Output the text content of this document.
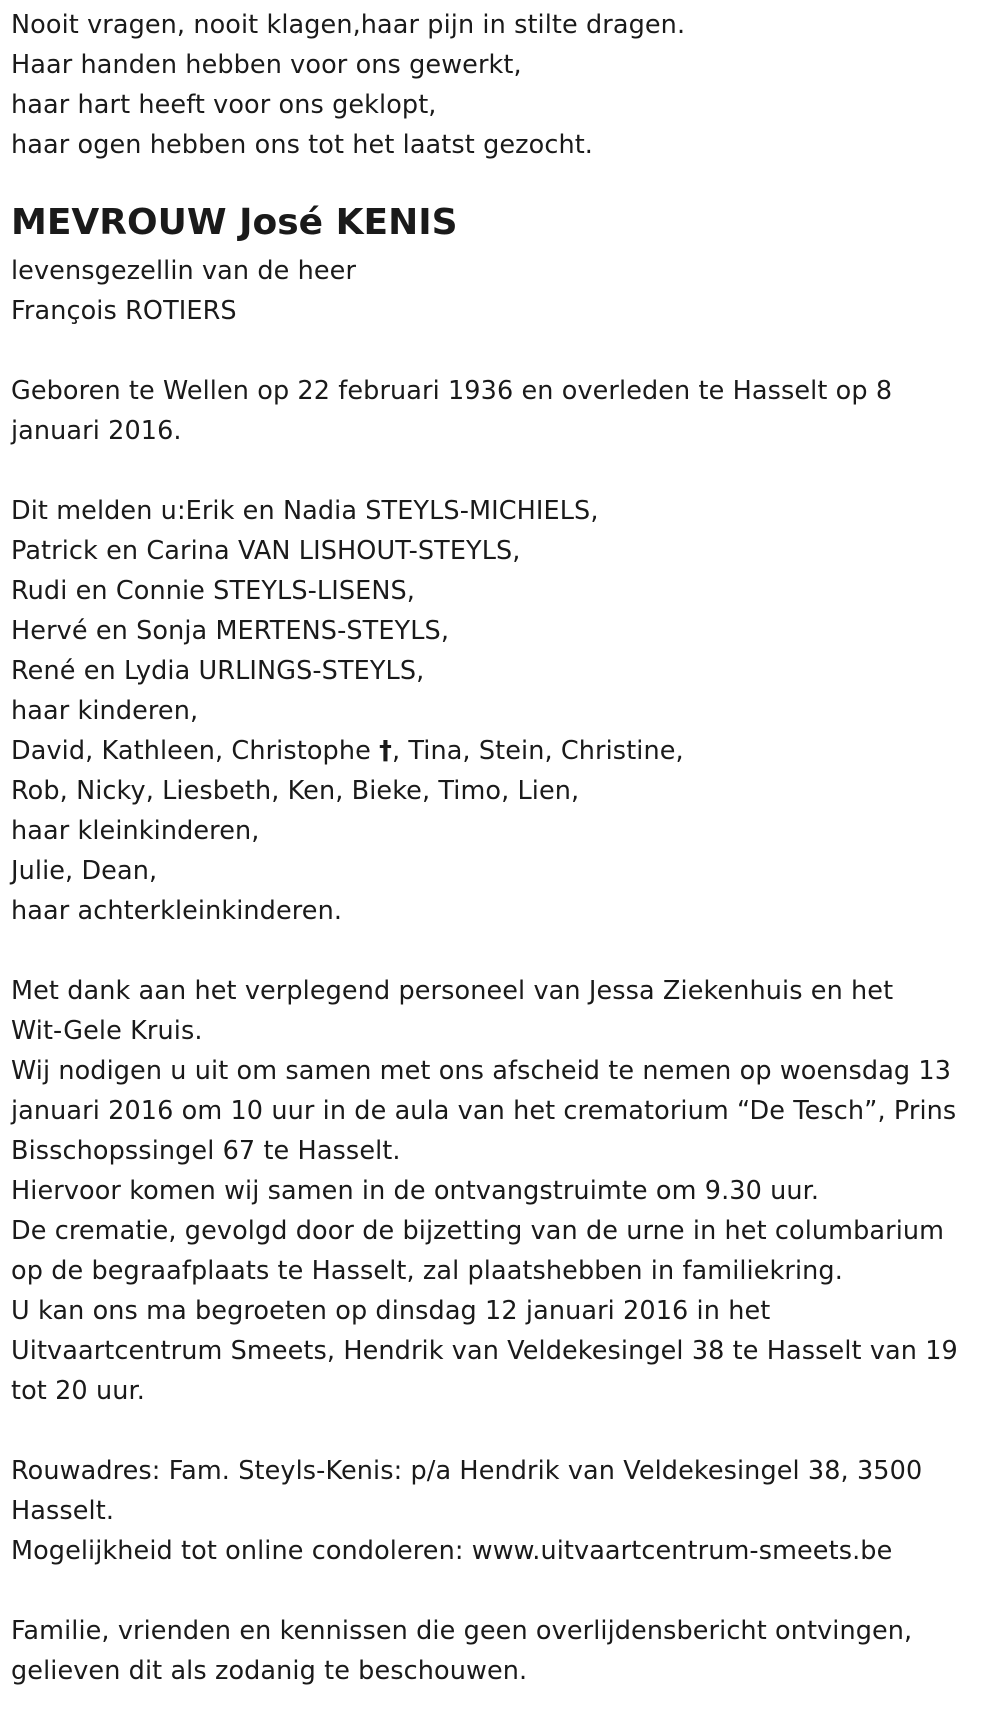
Nooit vragen, nooit klagen,haar pijn in stilte dragen.
Haar handen hebben voor ons gewerkt,
haar hart heeft voor ons geklopt,
haar ogen hebben ons tot het laatst gezocht.
MEVROUW José KENIS
levensgezellin van de heer
François ROTIERS
Geboren te Wellen op 22 februari 1936 en overleden te Hasselt op 8
januari 2016.
Dit melden u:Erik en Nadia STEYLS-MICHIELS,
Patrick en Carina VAN LISHOUT-STEYLS,
Rudi en Connie STEYLS-LISENS,
Hervé en Sonja MERTENS-STEYLS,
René en Lydia URLINGS-STEYLS,
haar kinderen,
David, Kathleen, Christophe †, Tina, Stein, Christine,
Rob, Nicky, Liesbeth, Ken, Bieke, Timo, Lien,
haar kleinkinderen,
Julie, Dean,
haar achterkleinkinderen.
Met dank aan het verplegend personeel van Jessa Ziekenhuis en het
Wit-Gele Kruis.
Wij nodigen u uit om samen met ons afscheid te nemen op woensdag 13
januari 2016 om 10 uur in de aula van het crematorium “De Tesch”, Prins
Bisschopssingel 67 te Hasselt.
Hiervoor komen wij samen in de ontvangstruimte om 9.30 uur.
De crematie, gevolgd door de bijzetting van de urne in het columbarium
op de begraafplaats te Hasselt, zal plaatshebben in familiekring.
U kan ons ma begroeten op dinsdag 12 januari 2016 in het
Uitvaartcentrum Smeets, Hendrik van Veldekesingel 38 te Hasselt van 19
tot 20 uur.
Rouwadres: Fam. Steyls-Kenis: p/a Hendrik van Veldekesingel 38, 3500
Hasselt.
Mogelijkheid tot online condoleren: www.uitvaartcentrum-smeets.be
Familie, vrienden en kennissen die geen overlijdensbericht ontvingen,
gelieven dit als zodanig te beschouwen.
